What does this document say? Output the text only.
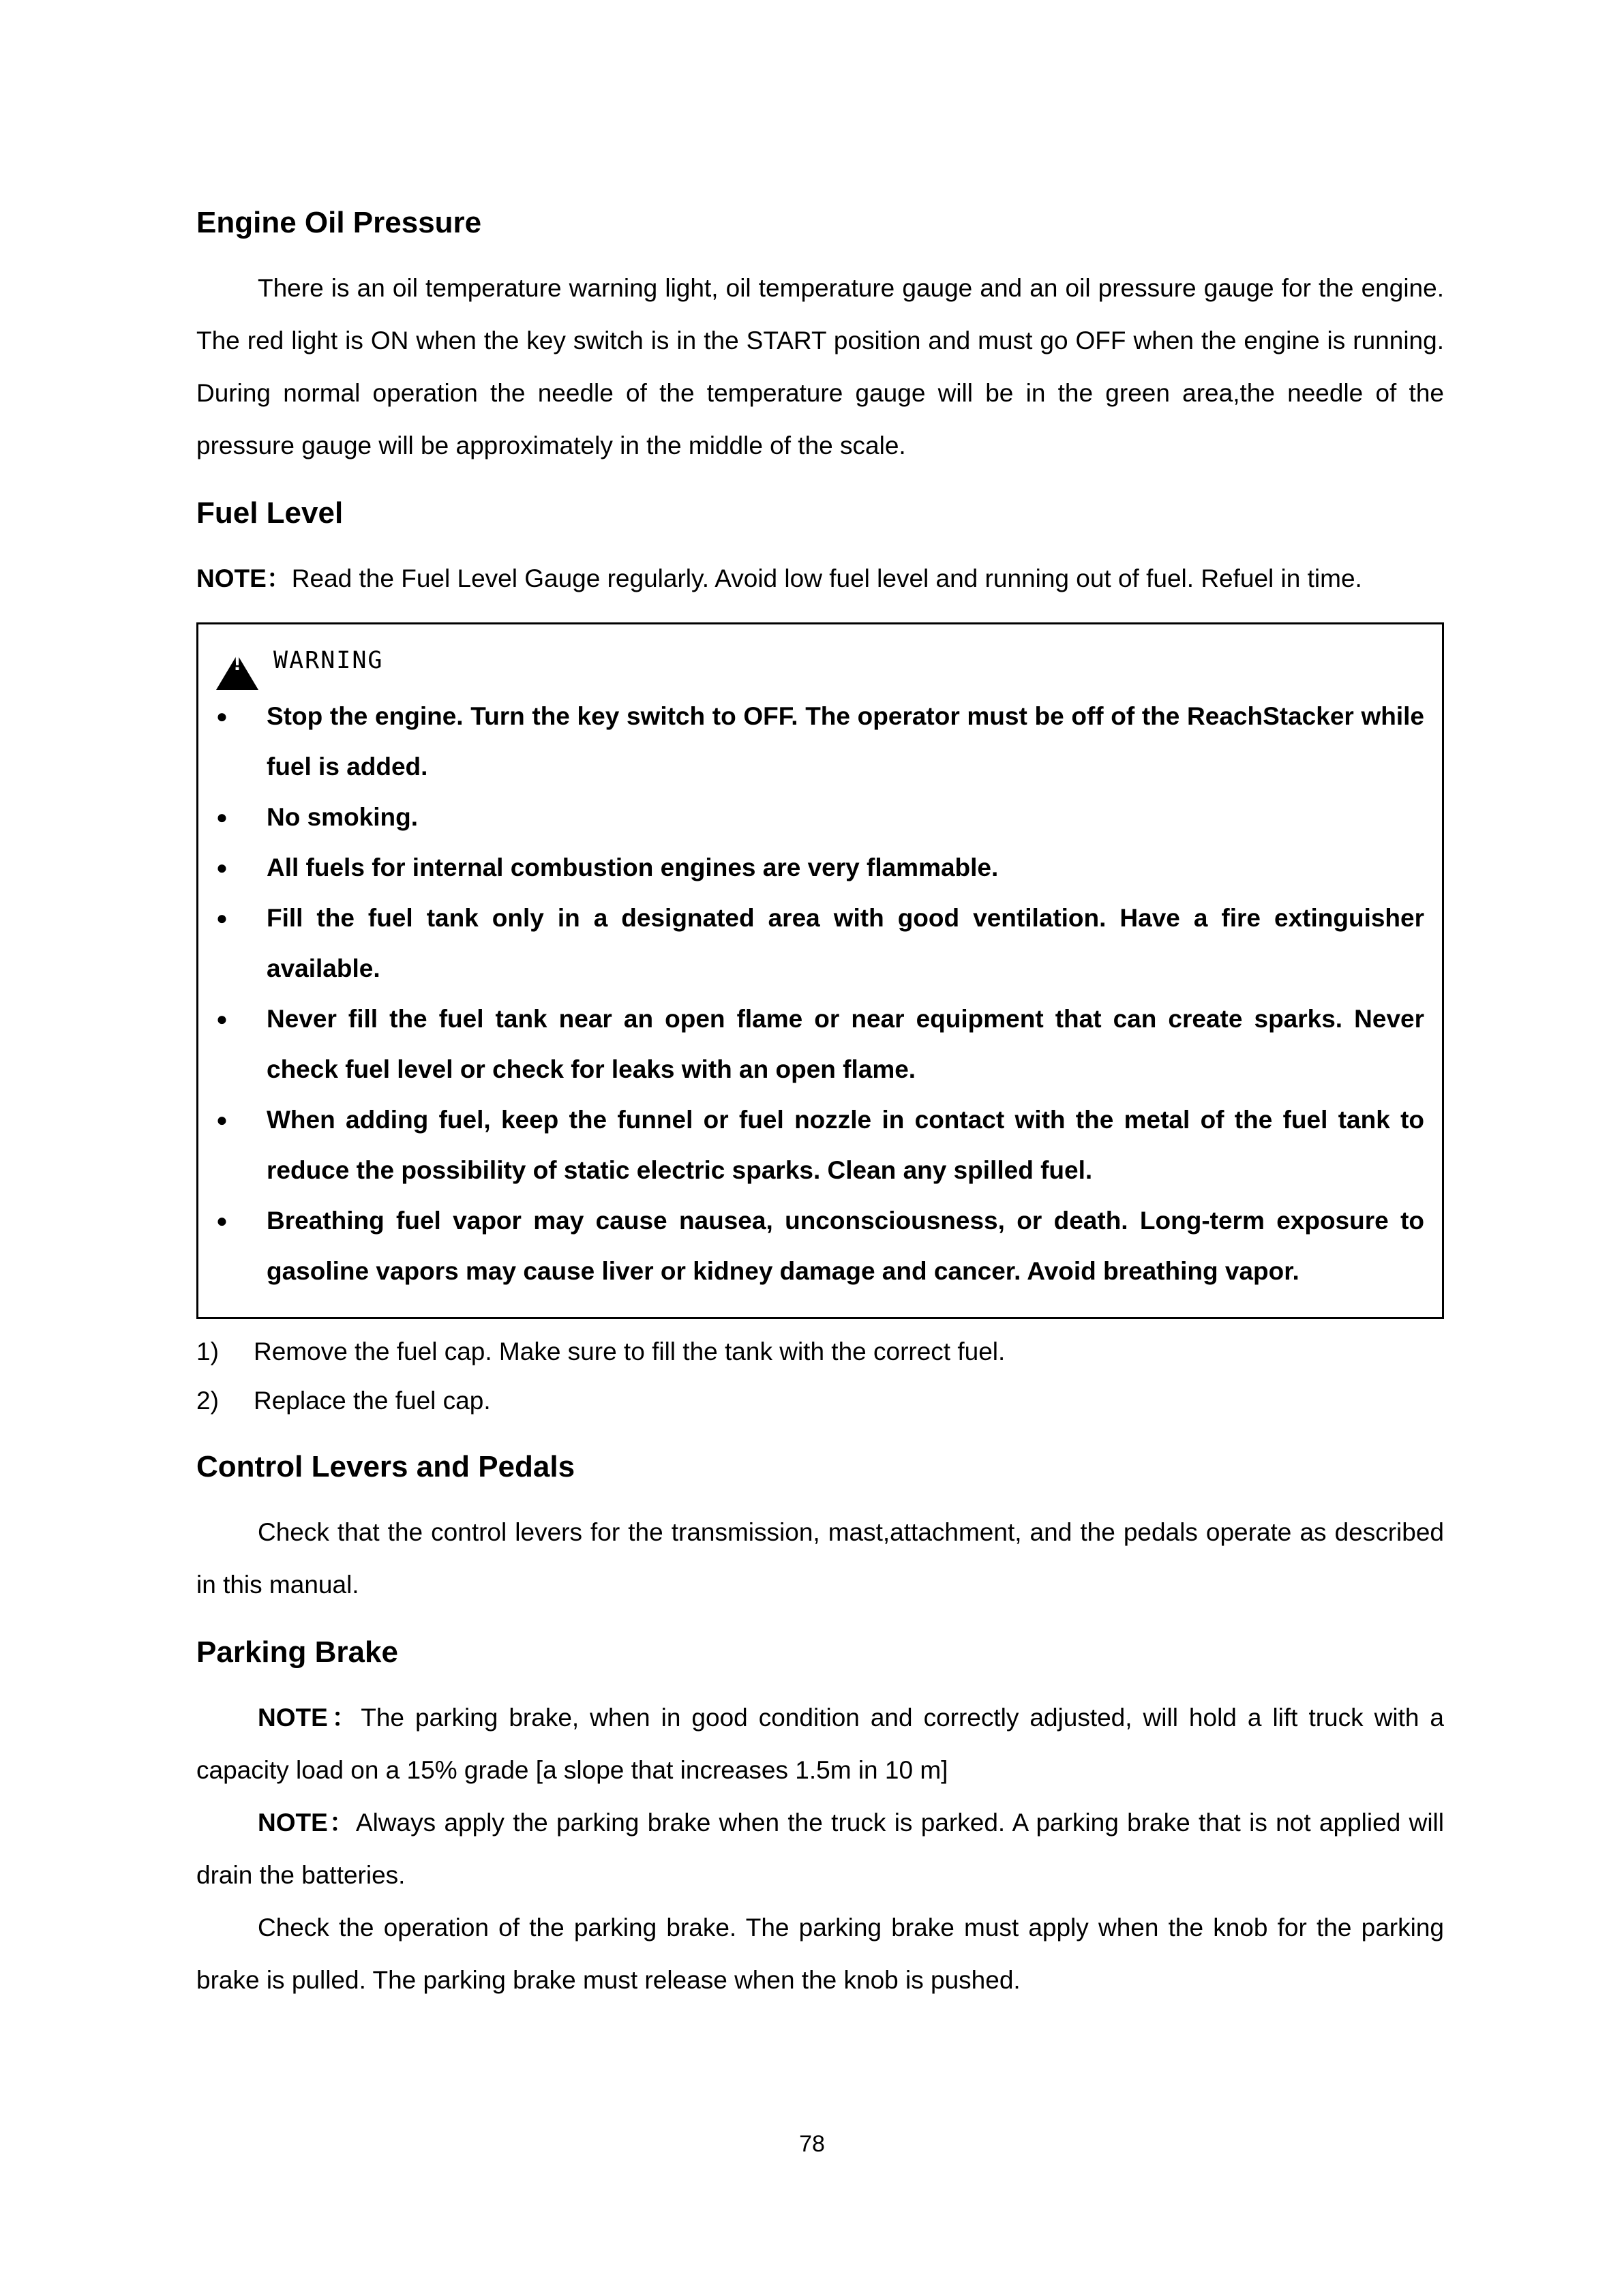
Engine Oil Pressure

There is an oil temperature warning light, oil temperature gauge and an oil pressure gauge for the engine. The red light is ON when the key switch is in the START position and must go OFF when the engine is running. During normal operation the needle of the temperature gauge will be in the green area,the needle of the pressure gauge will be approximately in the middle of the scale.

Fuel Level

NOTE：Read the Fuel Level Gauge regularly. Avoid low fuel level and running out of fuel. Refuel in time.

!	WARNING
●	Stop the engine. Turn the key switch to OFF. The operator must be off of the ReachStacker while fuel is added.
●	No smoking.
●	All fuels for internal combustion engines are very flammable.
●	Fill the fuel tank only in a designated area with good ventilation. Have a fire extinguisher available.
●	Never fill the fuel tank near an open flame or near equipment that can create sparks. Never check fuel level or check for leaks with an open flame.
●	When adding fuel, keep the funnel or fuel nozzle in contact with the metal of the fuel tank to reduce the possibility of static electric sparks. Clean any spilled fuel.
●	Breathing fuel vapor may cause nausea, unconsciousness, or death. Long-term exposure to gasoline vapors may cause liver or kidney damage and cancer. Avoid breathing vapor.
1)	Remove the fuel cap. Make sure to fill the tank with the correct fuel.
2)	Replace the fuel cap.
Control Levers and Pedals

Check that the control levers for the transmission, mast,attachment, and the pedals operate as described in this manual.

Parking Brake

NOTE：The parking brake, when in good condition and correctly adjusted, will hold a lift truck with a capacity load on a 15% grade [a slope that increases 1.5m in 10 m]

NOTE：Always apply the parking brake when the truck is parked. A parking brake that is not applied will drain the batteries.

Check the operation of the parking brake. The parking brake must apply when the knob for the parking brake is pulled. The parking brake must release when the knob is pushed.

78
